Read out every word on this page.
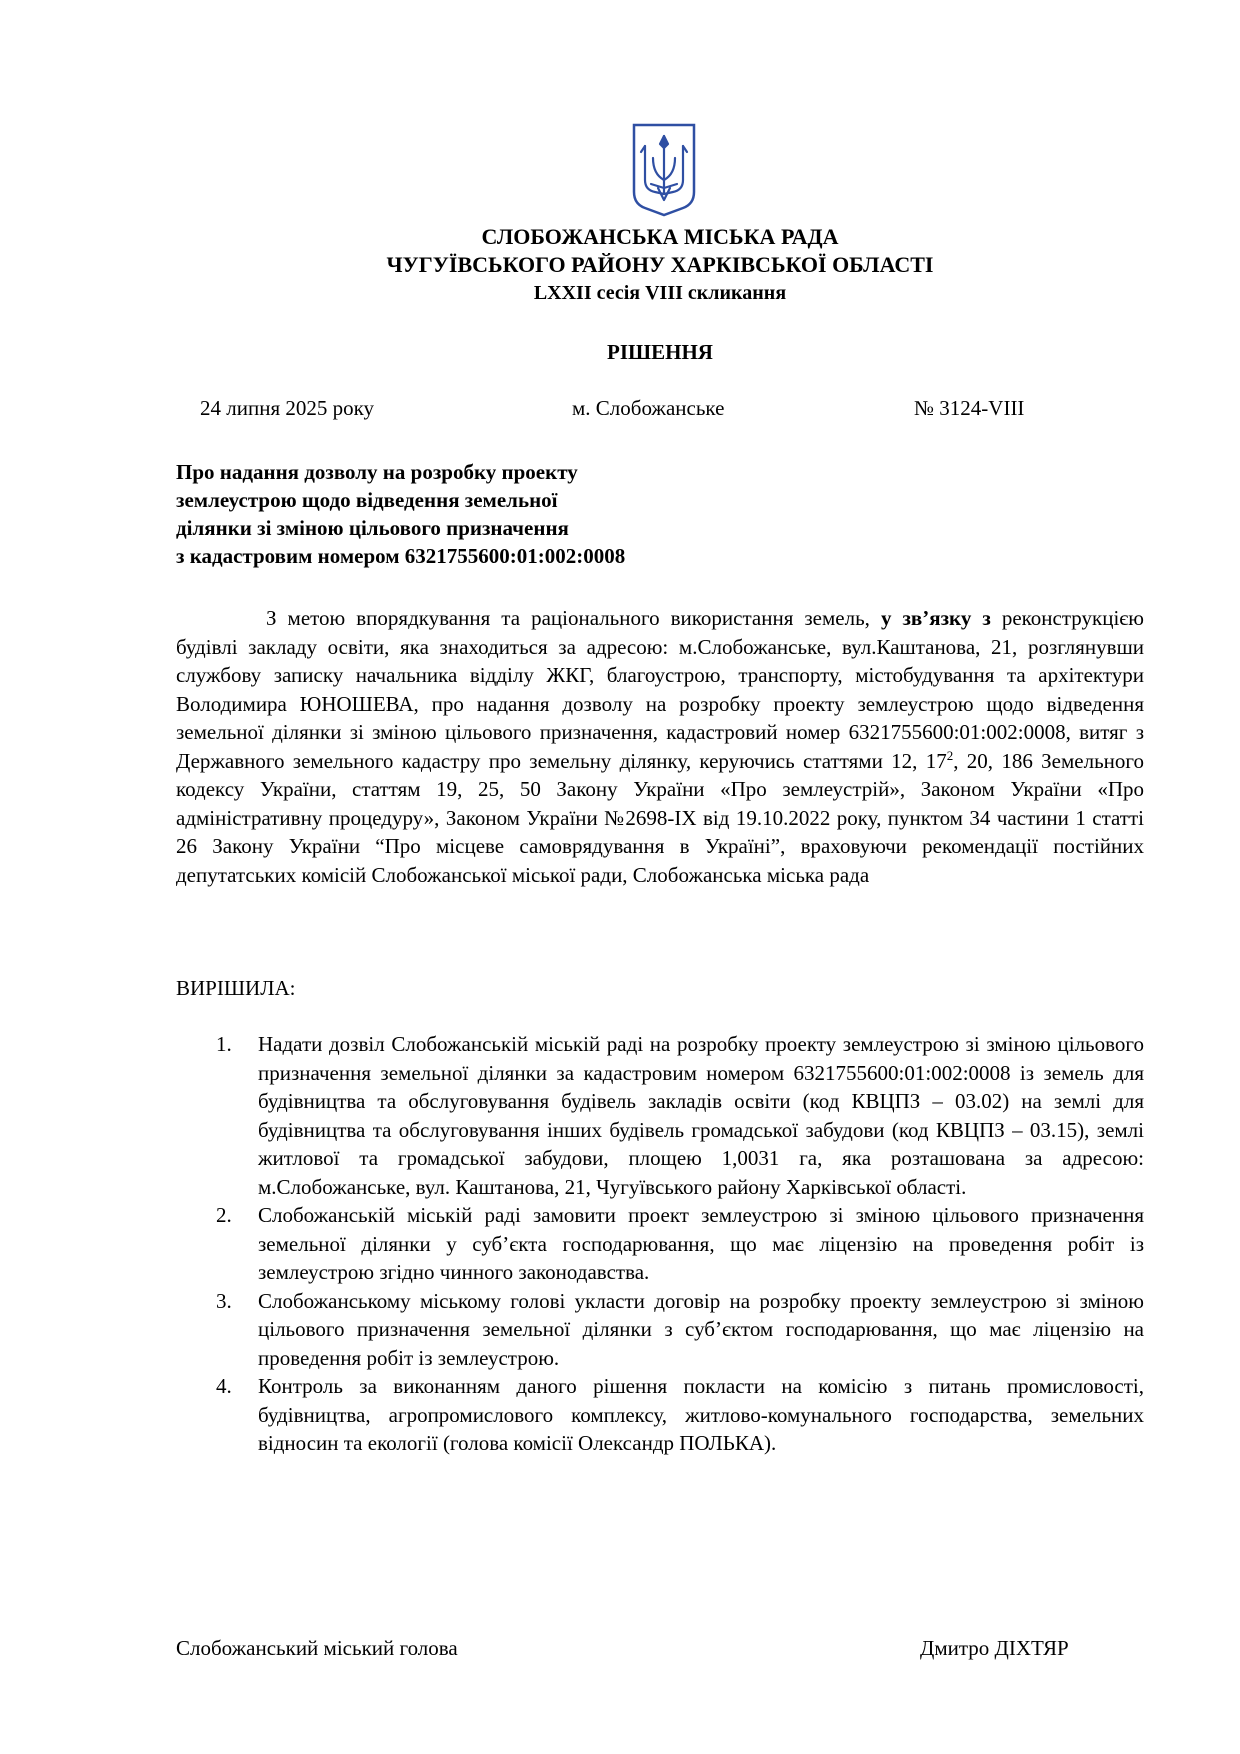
СЛОБОЖАНСЬКА МІСЬКА РАДА
ЧУГУЇВСЬКОГО РАЙОНУ ХАРКІВСЬКОЇ ОБЛАСТІ
LXXII сесія VIII скликання
РІШЕННЯ
24 липня 2025 року	м. Слобожанське	№ 3124-VIII
Про надання дозволу на розробку проекту
землеустрою щодо відведення земельної
ділянки зі зміною цільового призначення
з кадастровим номером 6321755600:01:002:0008
З метою впорядкування та раціонального використання земель, у зв’язку з реконструкцією будівлі закладу освіти, яка знаходиться за адресою: м.Слобожанське, вул.Каштанова, 21, розглянувши службову записку начальника відділу ЖКГ, благоустрою, транспорту, містобудування та архітектури Володимира ЮНОШЕВА, про надання дозволу на розробку проекту землеустрою щодо відведення земельної ділянки зі зміною цільового призначення, кадастровий номер 6321755600:01:002:0008, витяг з Державного земельного кадастру про земельну ділянку, керуючись статтями 12, $17^2$, 20, 186 Земельного кодексу України, статтям 19, 25, 50 Закону України «Про землеустрій», Законом України «Про адміністративну процедуру», Законом України №2698-IX від 19.10.2022 року, пунктом 34 частини 1 статті 26 Закону України “Про місцеве самоврядування в Україні”, враховуючи рекомендації постійних депутатських комісій Слобожанської міської ради, Слобожанська міська рада
ВИРІШИЛА:
1. Надати дозвіл Слобожанській міській раді на розробку проекту землеустрою зі зміною цільового призначення земельної ділянки за кадастровим номером 6321755600:01:002:0008 із земель для будівництва та обслуговування будівель закладів освіти (код КВЦПЗ – 03.02) на землі для будівництва та обслуговування інших будівель громадської забудови (код КВЦПЗ – 03.15), землі житлової та громадської забудови, площею 1,0031 га, яка розташована за адресою: м.Слобожанське, вул. Каштанова, 21, Чугуївського району Харківської області.
2. Слобожанській міській раді замовити проект землеустрою зі зміною цільового призначення земельної ділянки у суб’єкта господарювання, що має ліцензію на проведення робіт із землеустрою згідно чинного законодавства.
3. Слобожанському міському голові укласти договір на розробку проекту землеустрою зі зміною цільового призначення земельної ділянки з суб’єктом господарювання, що має ліцензію на проведення робіт із землеустрою.
4. Контроль за виконанням даного рішення покласти на комісію з питань промисловості, будівництва, агропромислового комплексу, житлово-комунального господарства, земельних відносин та екології (голова комісії Олександр ПОЛЬКА).
Слобожанський міський голова	Дмитро ДІХТЯР
